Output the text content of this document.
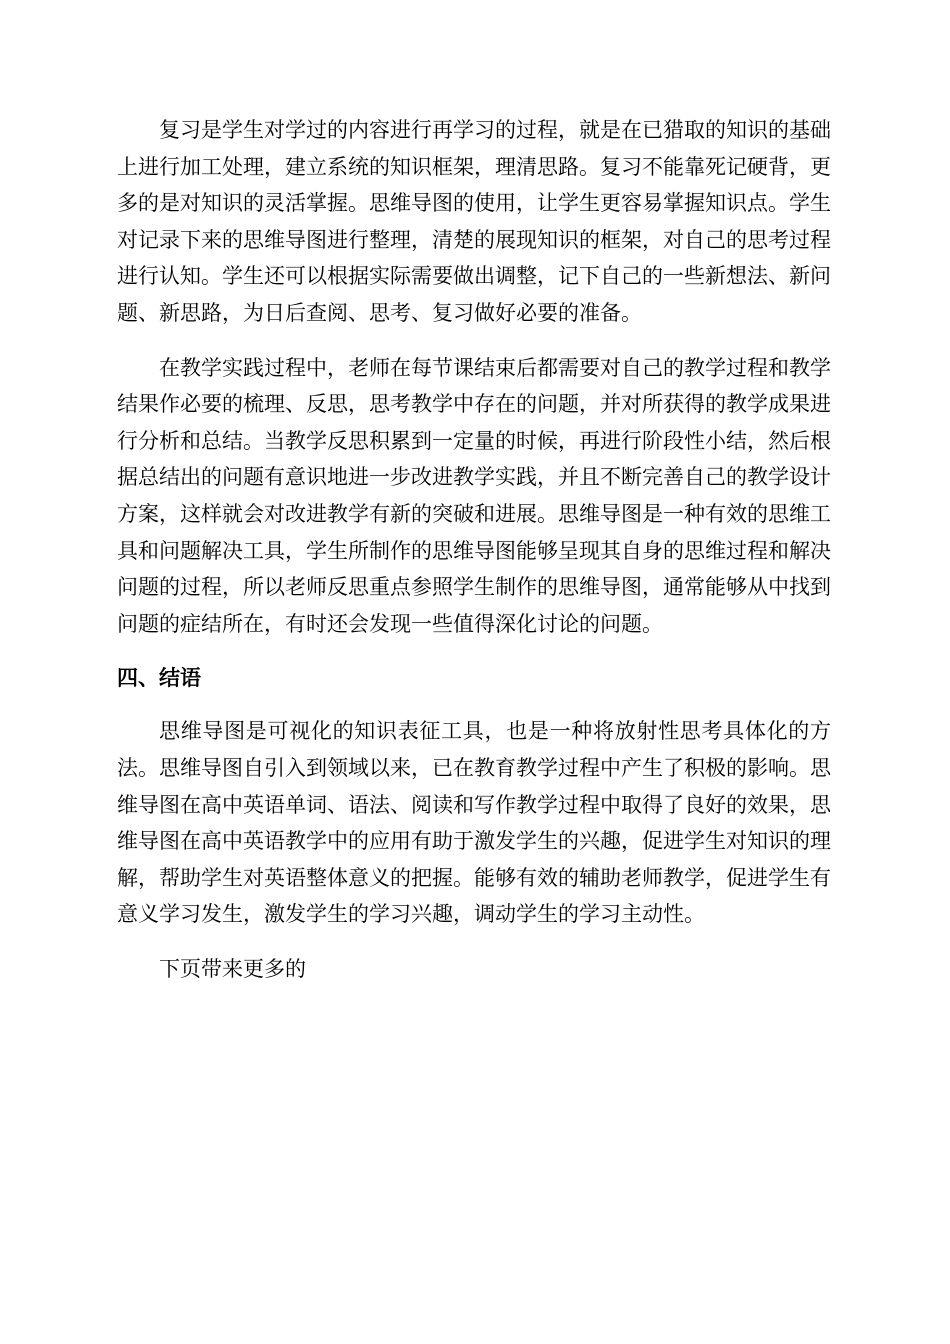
复习是学生对学过的内容进行再学习的过程，就是在已猎取的知识的基础上进行加工处理，建立系统的知识框架，理清思路。复习不能靠死记硬背，更多的是对知识的灵活掌握。思维导图的使用，让学生更容易掌握知识点。学生对记录下来的思维导图进行整理，清楚的展现知识的框架，对自己的思考过程进行认知。学生还可以根据实际需要做出调整，记下自己的一些新想法、新问题、新思路，为日后查阅、思考、复习做好必要的准备。

在教学实践过程中，老师在每节课结束后都需要对自己的教学过程和教学结果作必要的梳理、反思，思考教学中存在的问题，并对所获得的教学成果进行分析和总结。当教学反思积累到一定量的时候，再进行阶段性小结，然后根据总结出的问题有意识地进一步改进教学实践，并且不断完善自己的教学设计方案，这样就会对改进教学有新的突破和进展。思维导图是一种有效的思维工具和问题解决工具，学生所制作的思维导图能够呈现其自身的思维过程和解决问题的过程，所以老师反思重点参照学生制作的思维导图，通常能够从中找到问题的症结所在，有时还会发现一些值得深化讨论的问题。

四、结语

思维导图是可视化的知识表征工具，也是一种将放射性思考具体化的方法。思维导图自引入到领域以来，已在教育教学过程中产生了积极的影响。思维导图在高中英语单词、语法、阅读和写作教学过程中取得了良好的效果，思维导图在高中英语教学中的应用有助于激发学生的兴趣，促进学生对知识的理解，帮助学生对英语整体意义的把握。能够有效的辅助老师教学，促进学生有意义学习发生，激发学生的学习兴趣，调动学生的学习主动性。

下页带来更多的
